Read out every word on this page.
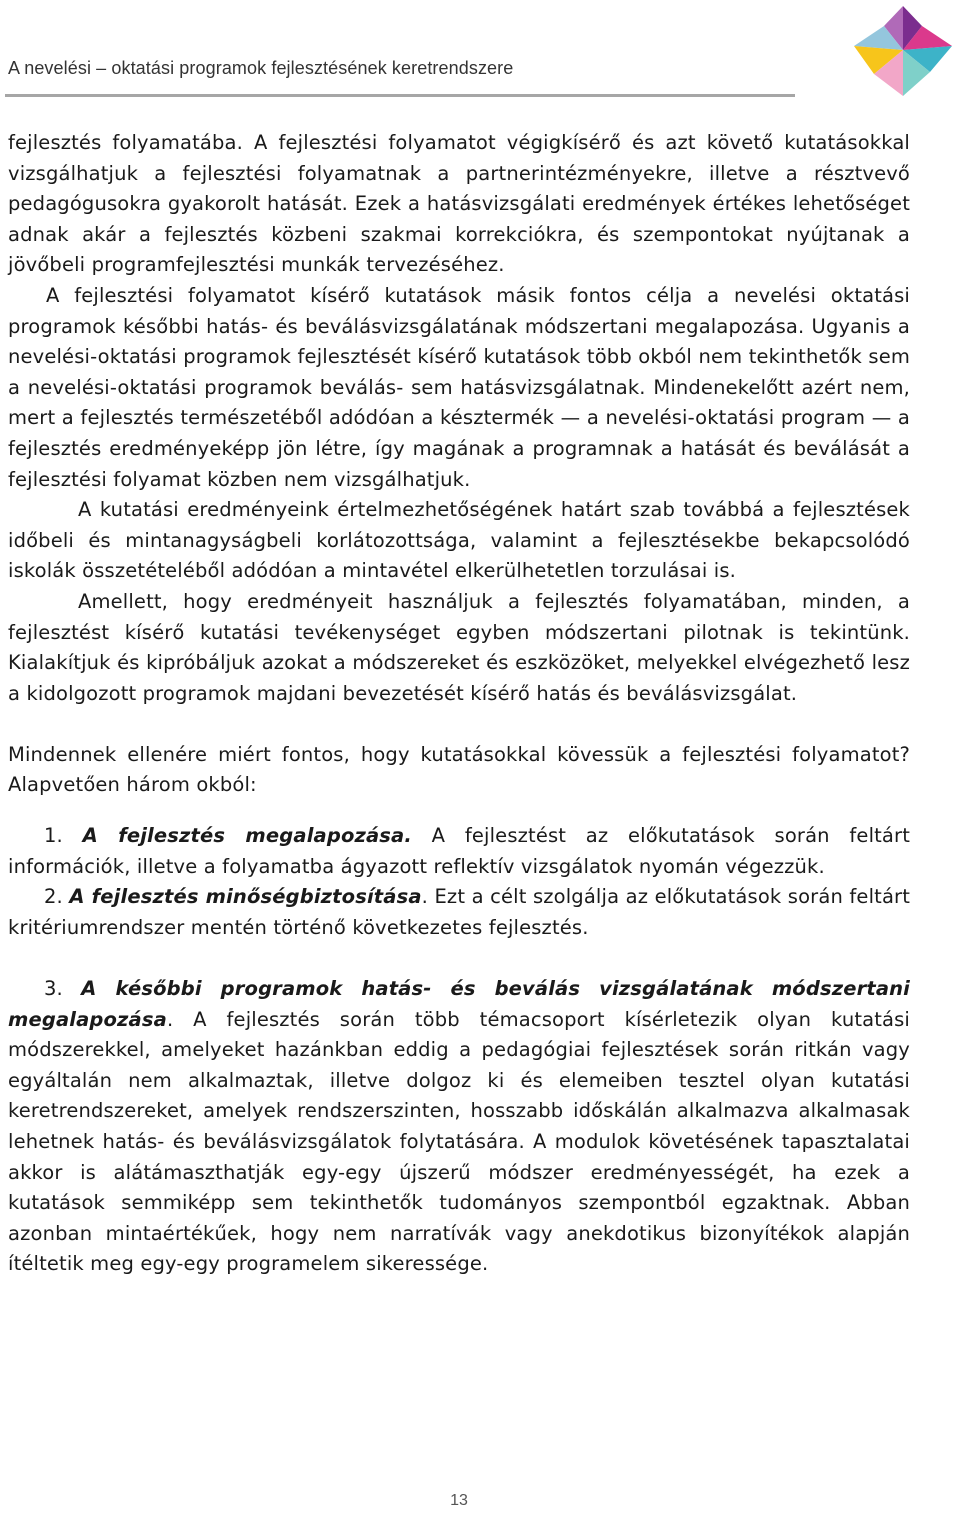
A nevelési – oktatási programok fejlesztésének keretrendszere

fejlesztés folyamatába. A fejlesztési folyamatot végigkísérő és azt követő kutatásokkal vizsgálhatjuk a fejlesztési folyamatnak a partnerintézményekre, illetve a résztvevő pedagógusokra gyakorolt hatását. Ezek a hatásvizsgálati eredmények értékes lehetőséget adnak akár a fejlesztés közbeni szakmai korrekciókra, és szempontokat nyújtanak a jövőbeli programfejlesztési munkák tervezéséhez.

A fejlesztési folyamatot kísérő kutatások másik fontos célja a nevelési oktatási programok későbbi hatás- és beválásvizsgálatának módszertani megalapozása. Ugyanis a nevelési-oktatási programok fejlesztését kísérő kutatások több okból nem tekinthetők sem a nevelési-oktatási programok beválás- sem hatásvizsgálatnak. Mindenekelőtt azért nem, mert a fejlesztés természetéből adódóan a késztermék — a nevelési-oktatási program — a fejlesztés eredményeképp jön létre, így magának a programnak a hatását és beválását a fejlesztési folyamat közben nem vizsgálhatjuk.

A kutatási eredményeink értelmezhetőségének határt szab továbbá a fejlesztések időbeli és mintanagyságbeli korlátozottsága, valamint a fejlesztésekbe bekapcsolódó iskolák összetételéből adódóan a mintavétel elkerülhetetlen torzulásai is.

Amellett, hogy eredményeit használjuk a fejlesztés folyamatában, minden, a fejlesztést kísérő kutatási tevékenységet egyben módszertani pilotnak is tekintünk. Kialakítjuk és kipróbáljuk azokat a módszereket és eszközöket, melyekkel elvégezhető lesz a kidolgozott programok majdani bevezetését kísérő hatás és beválásvizsgálat.

Mindennek ellenére miért fontos, hogy kutatásokkal kövessük a fejlesztési folyamatot? Alapvetően három okból:

1. A fejlesztés megalapozása. A fejlesztést az előkutatások során feltárt információk, illetve a folyamatba ágyazott reflektív vizsgálatok nyomán végezzük.

2. A fejlesztés minőségbiztosítása. Ezt a célt szolgálja az előkutatások során feltárt kritériumrendszer mentén történő következetes fejlesztés.

3. A későbbi programok hatás- és beválás vizsgálatának módszertani megalapozása. A fejlesztés során több témacsoport kísérletezik olyan kutatási módszerekkel, amelyeket hazánkban eddig a pedagógiai fejlesztések során ritkán vagy egyáltalán nem alkalmaztak, illetve dolgoz ki és elemeiben tesztel olyan kutatási keretrendszereket, amelyek rendszerszinten, hosszabb időskálán alkalmazva alkalmasak lehetnek hatás- és beválásvizsgálatok folytatására. A modulok követésének tapasztalatai akkor is alátámaszthatják egy-egy újszerű módszer eredményességét, ha ezek a kutatások semmiképp sem tekinthetők tudományos szempontból egzaktnak. Abban azonban mintaértékűek, hogy nem narratívák vagy anekdotikus bizonyítékok alapján ítéltetik meg egy-egy programelem sikeressége.

13
